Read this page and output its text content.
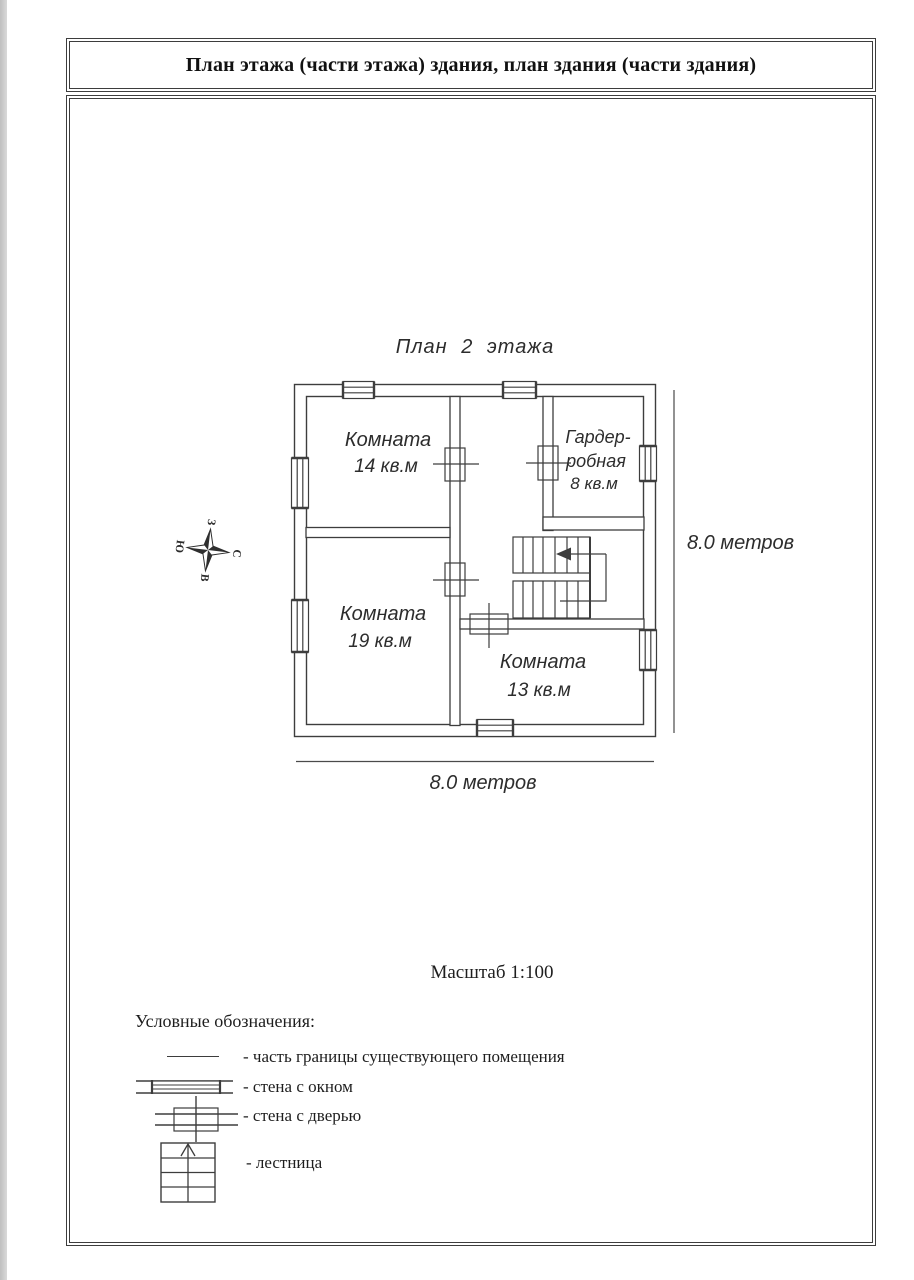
План этажа (части этажа) здания, план здания (части здания)
План 2 этажа
С
В
Ю
З
Комната
14 кв.м
Гардер-
робная
8 кв.м
Комната
19 кв.м
Комната
13 кв.м
8.0 метров
8.0 метров
Масштаб 1:100
Условные обозначения:
- часть границы существующего помещения
- стена с окном
- стена с дверью
- лестница
